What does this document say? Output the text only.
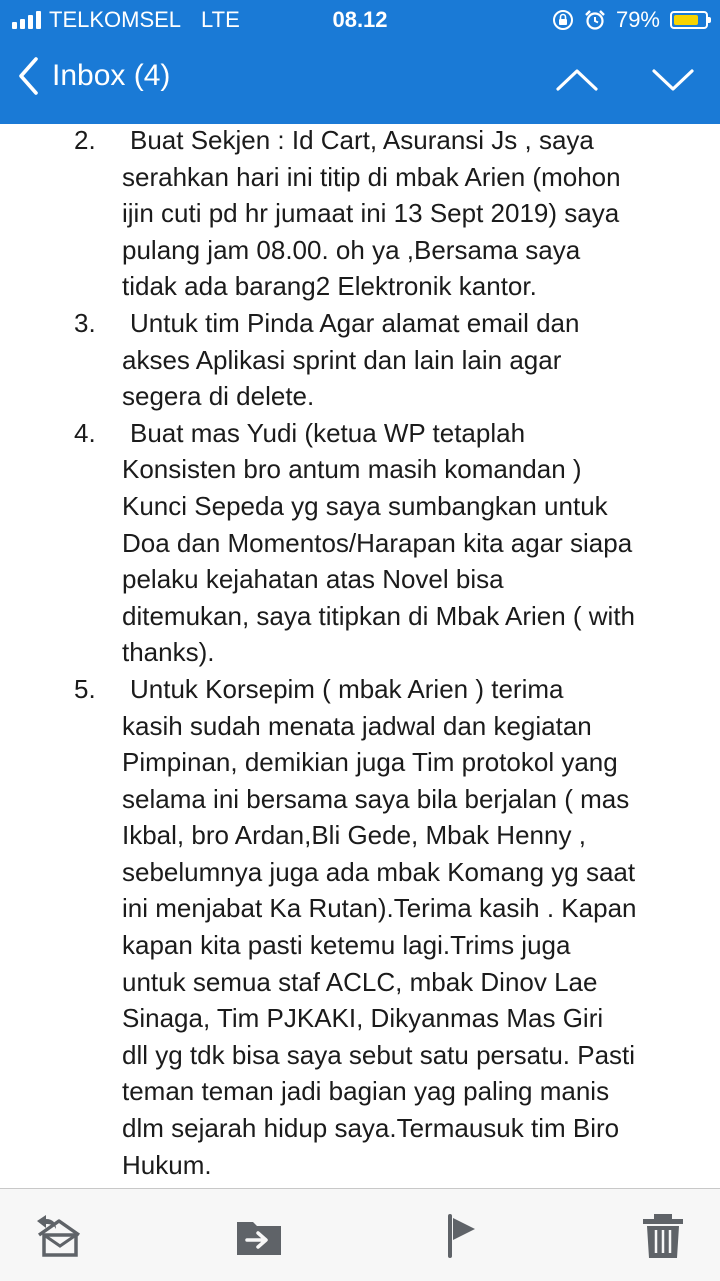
TELKOMSEL LTE	08.12	79%
Inbox (4)
2.	Buat Sekjen : Id Cart, Asuransi Js , saya
serahkan hari ini titip di mbak Arien (mohon
ijin cuti pd hr jumaat ini 13 Sept 2019) saya
pulang jam 08.00. oh ya ,Bersama saya
tidak ada barang2 Elektronik kantor.
3.	Untuk tim Pinda Agar alamat email dan
akses Aplikasi sprint dan lain lain agar
segera di delete.
4.	Buat mas Yudi (ketua WP tetaplah
Konsisten bro antum masih komandan )
Kunci Sepeda yg saya sumbangkan untuk
Doa dan Momentos/Harapan kita agar siapa
pelaku kejahatan atas Novel bisa
ditemukan, saya titipkan di Mbak Arien ( with
thanks).
5.	Untuk Korsepim ( mbak Arien ) terima
kasih sudah menata jadwal dan kegiatan
Pimpinan, demikian juga Tim protokol yang
selama ini bersama saya bila berjalan ( mas
Ikbal, bro Ardan,Bli Gede, Mbak Henny ,
sebelumnya juga ada mbak Komang yg saat
ini menjabat Ka Rutan).Terima kasih . Kapan
kapan kita pasti ketemu lagi.Trims juga
untuk semua staf ACLC, mbak Dinov Lae
Sinaga, Tim PJKAKI, Dikyanmas Mas Giri
dll yg tdk bisa saya sebut satu persatu. Pasti
teman teman jadi bagian yag paling manis
dlm sejarah hidup saya.Termausuk tim Biro
Hukum.
